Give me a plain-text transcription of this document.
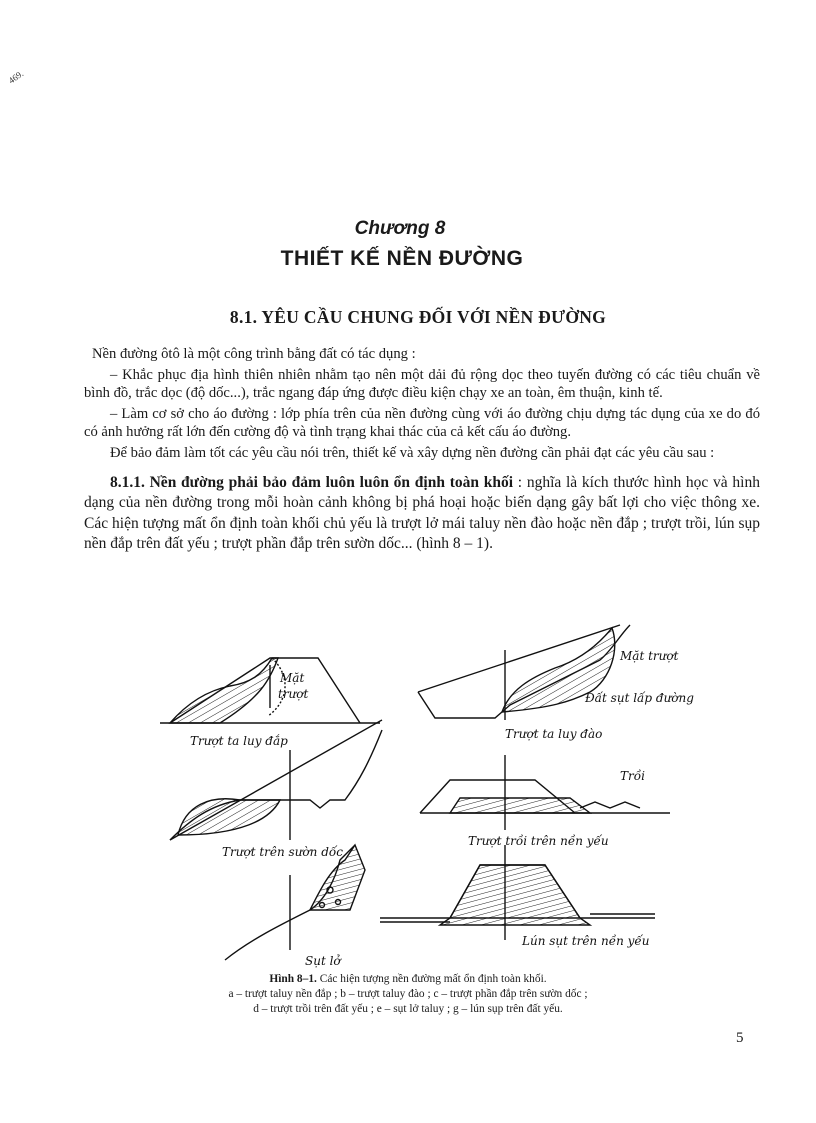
469.
Chương 8
THIẾT KẾ NỀN ĐƯỜNG
8.1. YÊU CẦU CHUNG ĐỐI VỚI NỀN ĐƯỜNG

Nền đường ôtô là một công trình bằng đất có tác dụng :

– Khắc phục địa hình thiên nhiên nhằm tạo nên một dải đủ rộng dọc theo tuyến đường có các tiêu chuẩn về bình đồ, trắc dọc (độ dốc...), trắc ngang đáp ứng được điều kiện chạy xe an toàn, êm thuận, kinh tế.

– Làm cơ sở cho áo đường : lớp phía trên của nền đường cùng với áo đường chịu dựng tác dụng của xe do đó có ảnh hưởng rất lớn đến cường độ và tình trạng khai thác của cả kết cấu áo đường.

Để bảo đảm làm tốt các yêu cầu nói trên, thiết kế và xây dựng nền đường cần phải đạt các yêu cầu sau :

8.1.1. Nền đường phải bảo đảm luôn luôn ổn định toàn khối : nghĩa là kích thước hình học và hình dạng của nền đường trong mỗi hoàn cảnh không bị phá hoại hoặc biến dạng gây bất lợi cho việc thông xe. Các hiện tượng mất ổn định toàn khối chủ yếu là trượt lở mái taluy nền đào hoặc nền đắp ; trượt trồi, lún sụp nền đắp trên đất yếu ; trượt phần đắp trên sườn dốc... (hình 8 – 1).
Mặt
trượt
Trượt ta luy đắp
Mặt trượt
Đất sụt lấp đường
Trượt ta luy đào
Trượt trên sườn dốc
Trồi
Trượt trồi trên nền yếu
Sụt lở
Lún sụt trên nền yếu
Hình 8–1. Các hiện tượng nền đường mất ổn định toàn khối.
a – trượt taluy nền đắp ; b – trượt taluy đào ; c – trượt phần đắp trên sườn dốc ;
d – trượt trồi trên đất yếu ; e – sụt lở taluy ; g – lún sụp trên đất yếu.
5
